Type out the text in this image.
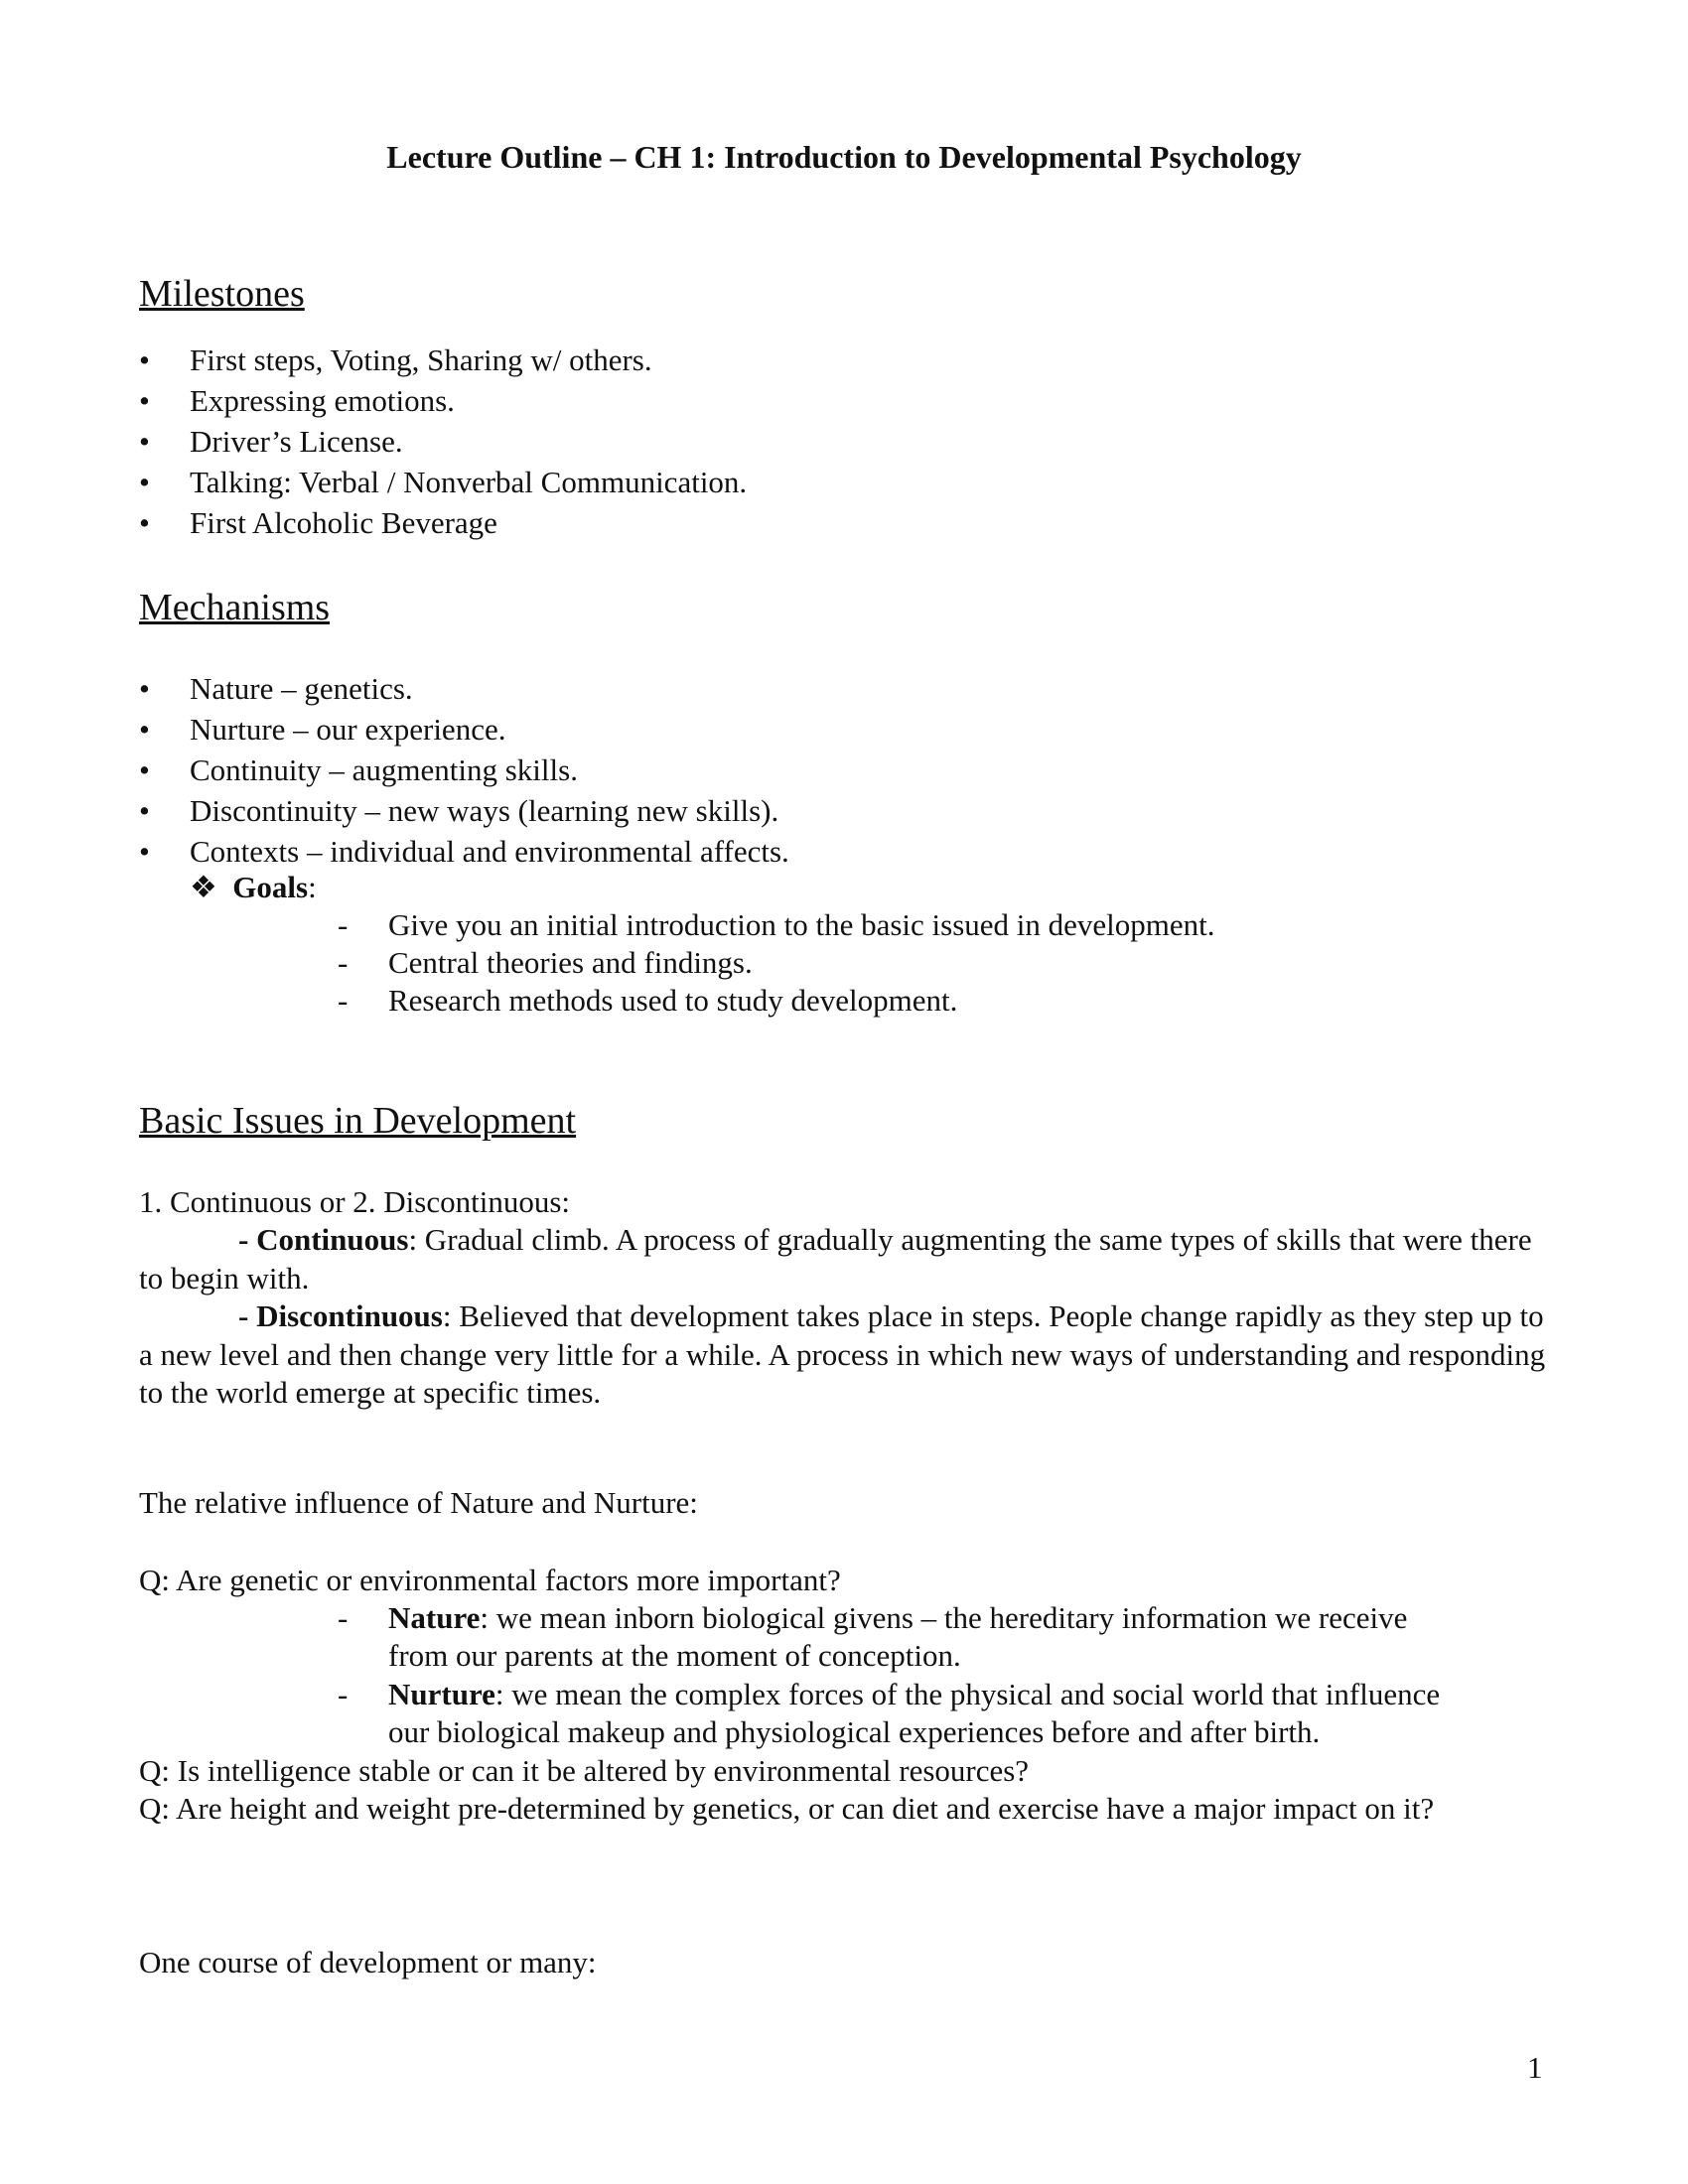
Lecture Outline – CH 1: Introduction to Developmental Psychology
Milestones
• First steps, Voting, Sharing w/ others.
• Expressing emotions.
• Driver’s License.
• Talking: Verbal / Nonverbal Communication.
• First Alcoholic Beverage
Mechanisms
• Nature – genetics.
• Nurture – our experience.
• Continuity – augmenting skills.
• Discontinuity – new ways (learning new skills).
• Contexts – individual and environmental affects.
❖ Goals:
- Give you an initial introduction to the basic issued in development.
- Central theories and findings.
- Research methods used to study development.
Basic Issues in Development
1. Continuous or 2. Discontinuous:
- Continuous: Gradual climb. A process of gradually augmenting the same types of skills that were there to begin with.
- Discontinuous: Believed that development takes place in steps. People change rapidly as they step up to a new level and then change very little for a while. A process in which new ways of understanding and responding to the world emerge at specific times.
The relative influence of Nature and Nurture:
Q: Are genetic or environmental factors more important?
- Nature: we mean inborn biological givens – the hereditary information we receive
from our parents at the moment of conception.
- Nurture: we mean the complex forces of the physical and social world that influence
our biological makeup and physiological experiences before and after birth.
Q: Is intelligence stable or can it be altered by environmental resources?
Q: Are height and weight pre-determined by genetics, or can diet and exercise have a major impact on it?
One course of development or many:
1
